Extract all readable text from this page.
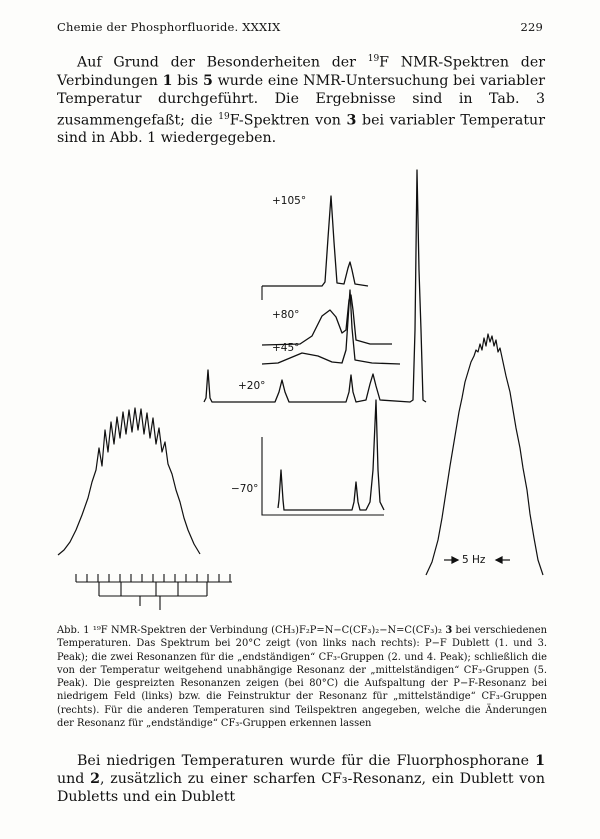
Chemie der Phosphorfluoride. XXXIX	229

Auf Grund der Besonderheiten der $^{19}$F NMR-Spektren der Verbindungen 1 bis 5 wurde eine NMR-Untersuchung bei variabler Temperatur durchgeführt. Die Ergebnisse sind in Tab. 3 zusammengefaßt; die $^{19}$F-Spektren von 3 bei variabler Temperatur sind in Abb. 1 wiedergegeben.

+105°
+80°
+45°
+20°
−70°
5 Hz

Abb. 1 ¹⁹F NMR-Spektren der Verbindung (CH₃)F₂P=N−C(CF₃)₂−N=C(CF₃)₂ 3 bei verschiedenen Temperaturen. Das Spektrum bei 20°C zeigt (von links nach rechts): P−F Dublett (1. und 3. Peak); die zwei Resonanzen für die „endständigen“ CF₃-Gruppen (2. und 4. Peak); schließlich die von der Temperatur weitgehend unabhängige Resonanz der „mittelständigen“ CF₃-Gruppen (5. Peak). Die gespreizten Resonanzen zeigen (bei 80°C) die Aufspaltung der P−F-Resonanz bei niedrigem Feld (links) bzw. die Feinstruktur der Resonanz für „mittelständige“ CF₃-Gruppen (rechts). Für die anderen Temperaturen sind Teilspektren angegeben, welche die Änderungen der Resonanz für „endständige“ CF₃-Gruppen erkennen lassen

Bei niedrigen Temperaturen wurde für die Fluorphosphorane 1 und 2, zusätzlich zu einer scharfen CF₃-Resonanz, ein Dublett von Dubletts und ein Dublett
